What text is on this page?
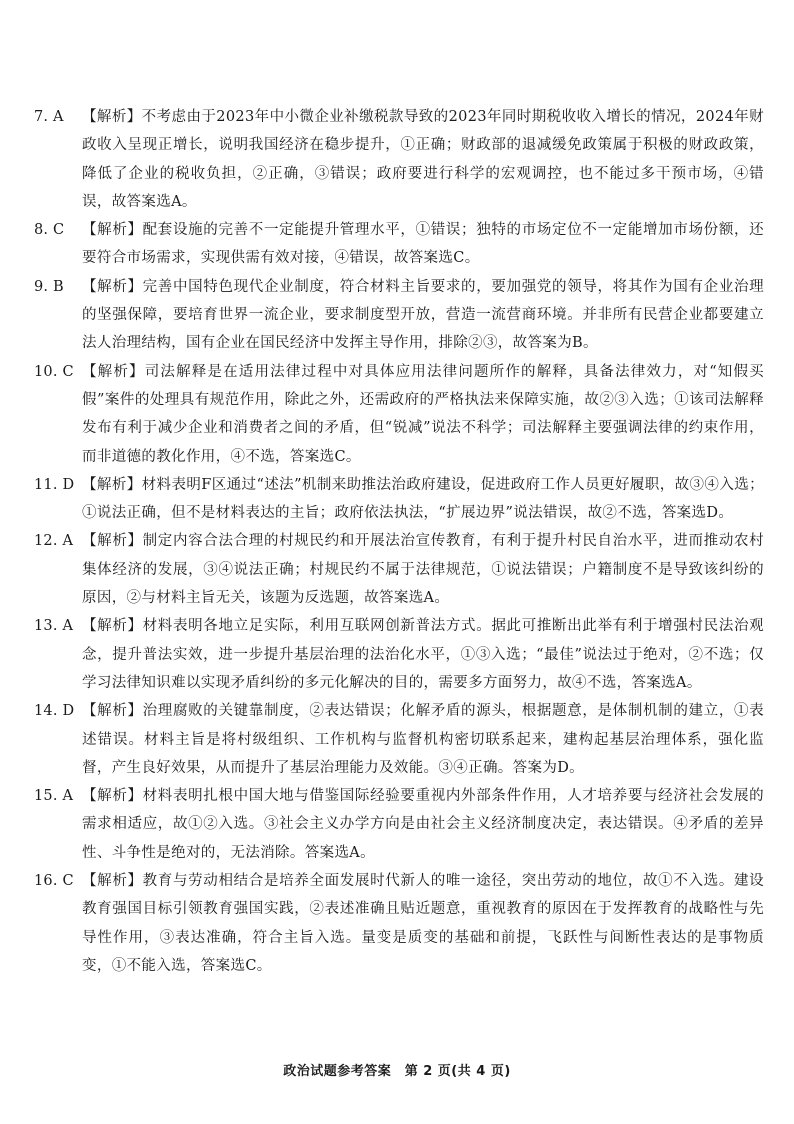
7. A	【解析】不考虑由于2023年中小微企业补缴税款导致的2023年同时期税收收入增长的情况，2024年财政收入呈现正增长，说明我国经济在稳步提升，①正确；财政部的退减缓免政策属于积极的财政政策，降低了企业的税收负担，②正确，③错误；政府要进行科学的宏观调控，也不能过多干预市场，④错误，故答案选A。
8. C	【解析】配套设施的完善不一定能提升管理水平，①错误；独特的市场定位不一定能增加市场份额，还要符合市场需求，实现供需有效对接，④错误，故答案选C。
9. B	【解析】完善中国特色现代企业制度，符合材料主旨要求的，要加强党的领导，将其作为国有企业治理的坚强保障，要培育世界一流企业，要求制度型开放，营造一流营商环境。并非所有民营企业都要建立法人治理结构，国有企业在国民经济中发挥主导作用，排除②③，故答案为B。
10. C 【解析】司法解释是在适用法律过程中对具体应用法律问题所作的解释，具备法律效力，对“知假买假”案件的处理具有规范作用，除此之外，还需政府的严格执法来保障实施，故②③入选；①该司法解释发布有利于减少企业和消费者之间的矛盾，但“锐减”说法不科学；司法解释主要强调法律的约束作用，而非道德的教化作用，④不选，答案选C。
11. D 【解析】材料表明F区通过“述法”机制来助推法治政府建设，促进政府工作人员更好履职，故③④入选；①说法正确，但不是材料表达的主旨；政府依法执法，“扩展边界”说法错误，故②不选，答案选D。
12. A 【解析】制定内容合法合理的村规民约和开展法治宣传教育，有利于提升村民自治水平，进而推动农村集体经济的发展，③④说法正确；村规民约不属于法律规范，①说法错误；户籍制度不是导致该纠纷的原因，②与材料主旨无关，该题为反选题，故答案选A。
13. A 【解析】材料表明各地立足实际，利用互联网创新普法方式。据此可推断出此举有利于增强村民法治观念，提升普法实效，进一步提升基层治理的法治化水平，①③入选；“最佳”说法过于绝对，②不选；仅学习法律知识难以实现矛盾纠纷的多元化解决的目的，需要多方面努力，故④不选，答案选A。
14. D 【解析】治理腐败的关键靠制度，②表达错误；化解矛盾的源头，根据题意，是体制机制的建立，①表述错误。材料主旨是将村级组织、工作机构与监督机构密切联系起来，建构起基层治理体系，强化监督，产生良好效果，从而提升了基层治理能力及效能。③④正确。答案为D。
15. A 【解析】材料表明扎根中国大地与借鉴国际经验要重视内外部条件作用，人才培养要与经济社会发展的需求相适应，故①②入选。③社会主义办学方向是由社会主义经济制度决定，表达错误。④矛盾的差异性、斗争性是绝对的，无法消除。答案选A。
16. C 【解析】教育与劳动相结合是培养全面发展时代新人的唯一途径，突出劳动的地位，故①不入选。建设教育强国目标引领教育强国实践，②表述准确且贴近题意，重视教育的原因在于发挥教育的战略性与先导性作用，③表达准确，符合主旨入选。量变是质变的基础和前提，飞跃性与间断性表达的是事物质变，①不能入选，答案选C。
政治试题参考答案　第 2 页(共 4 页)
